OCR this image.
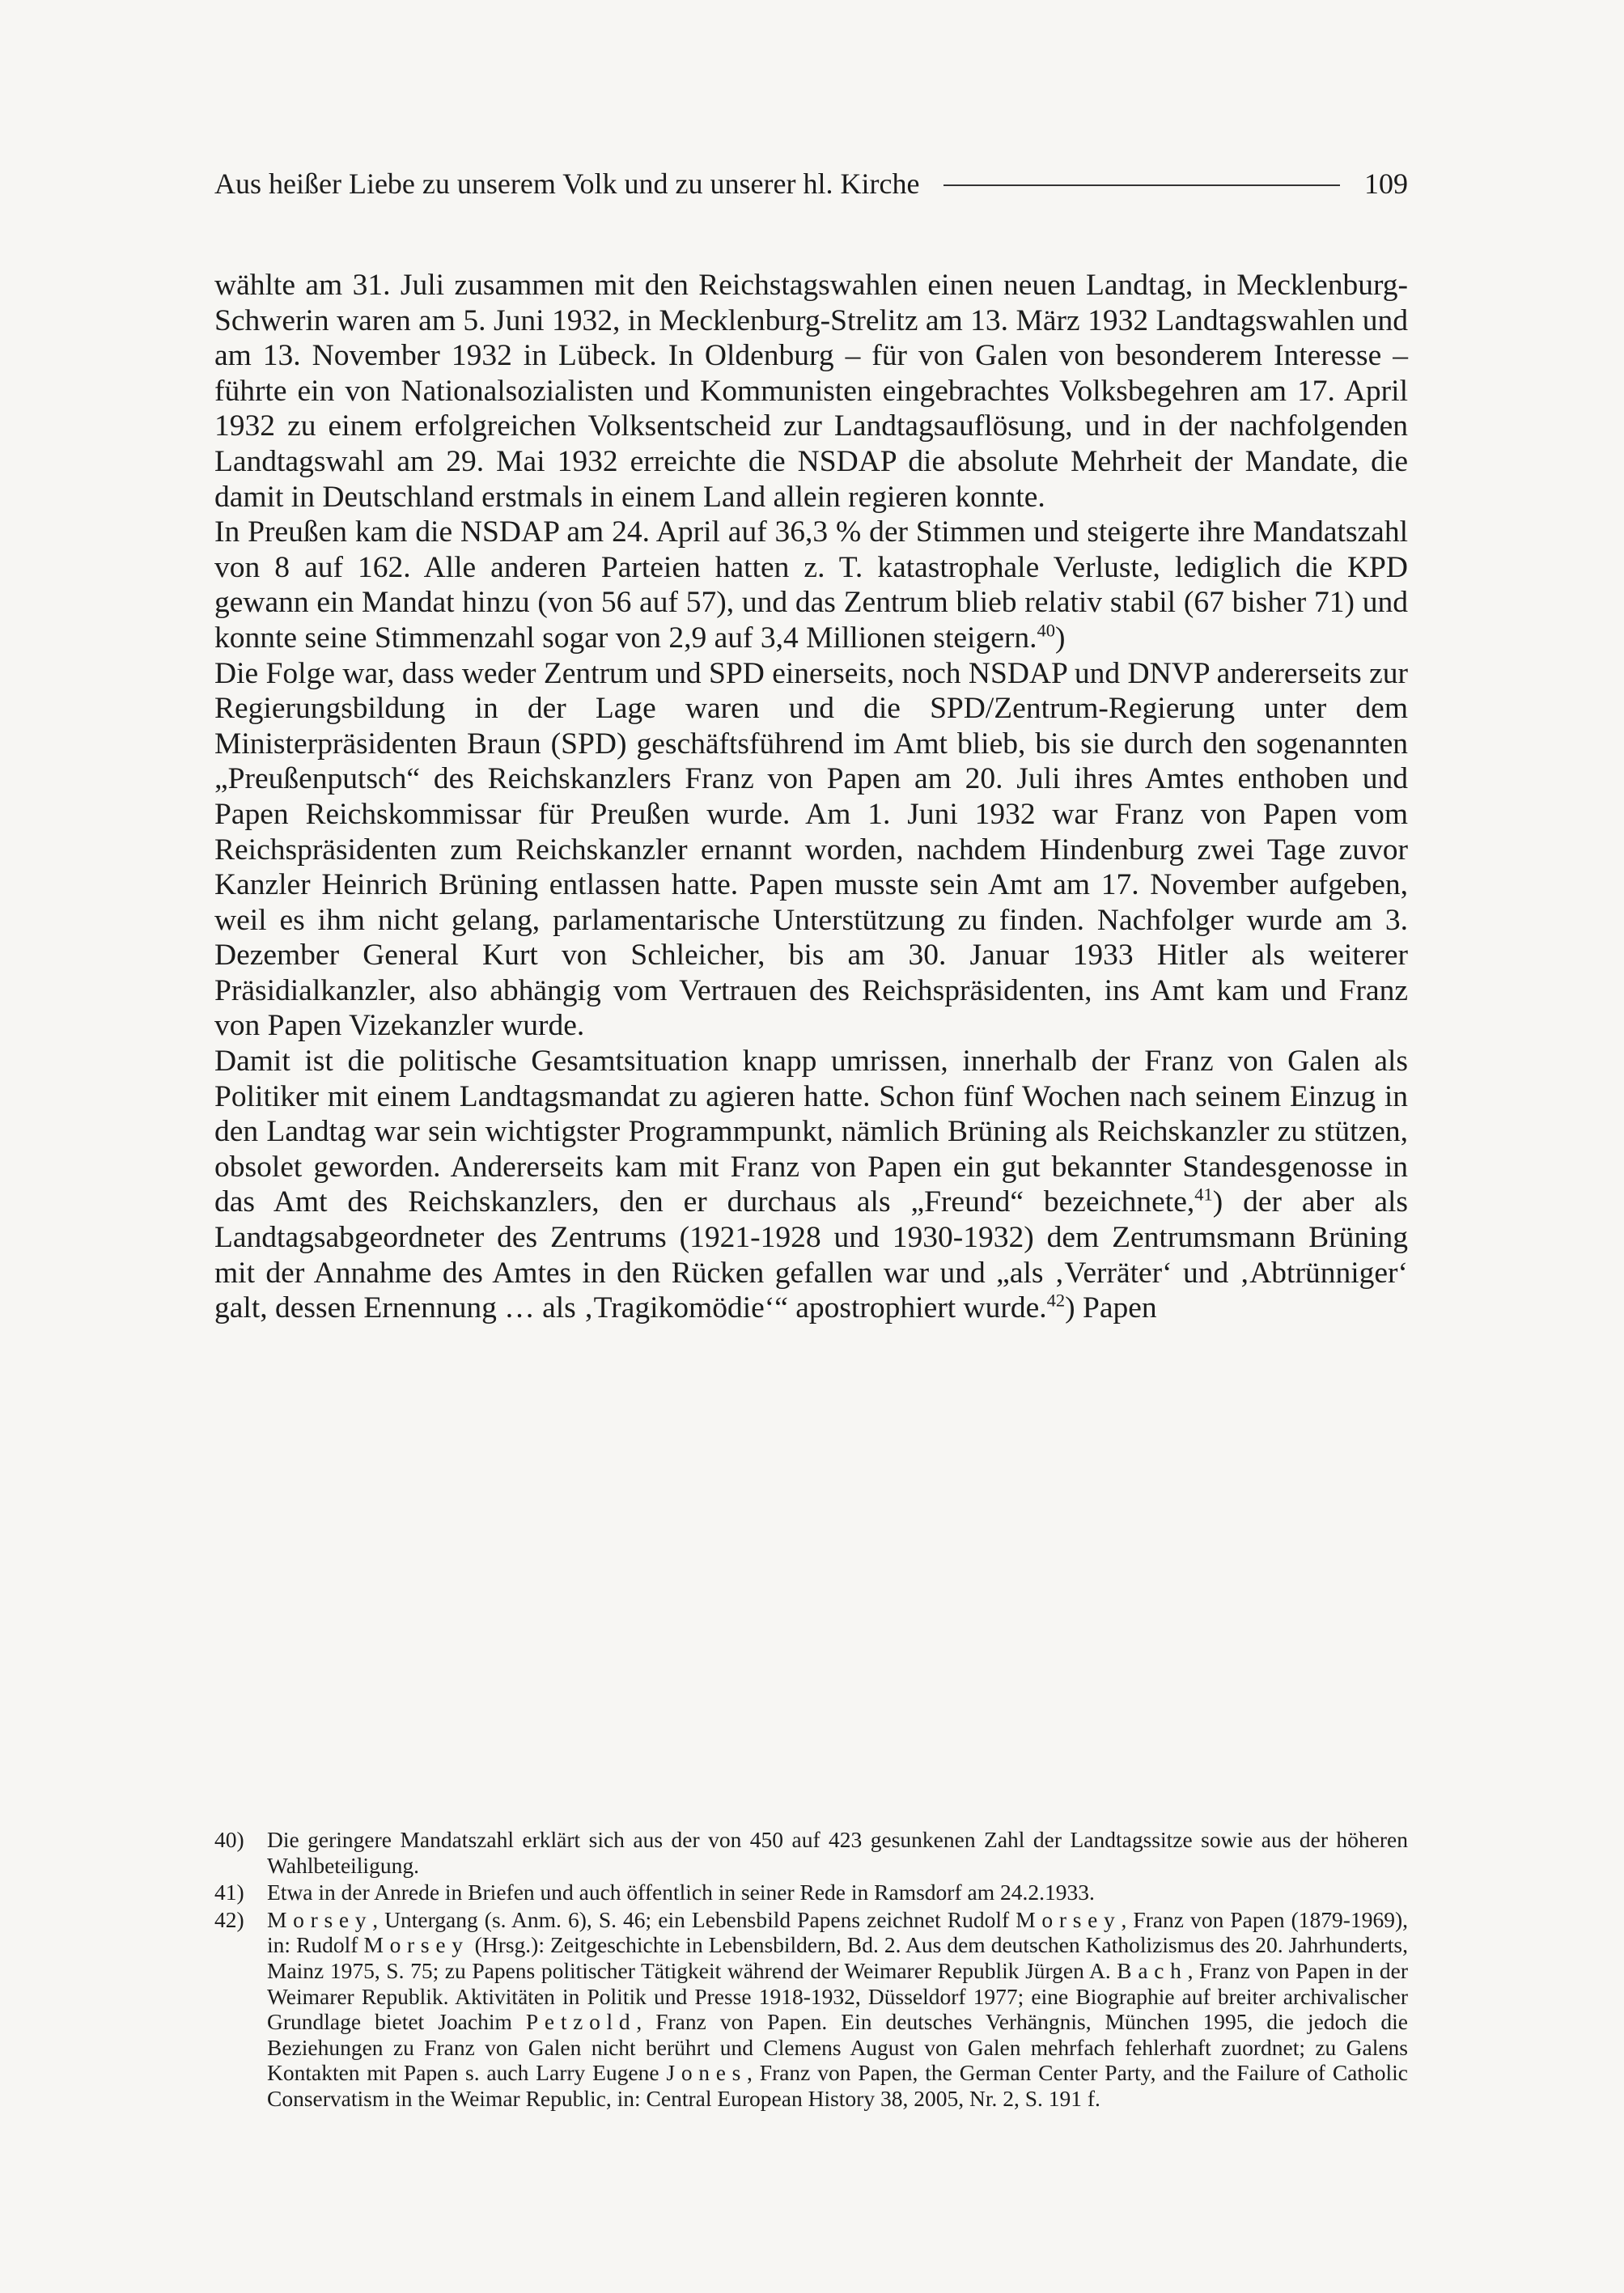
Aus heißer Liebe zu unserem Volk und zu unserer hl. Kirche	109

wählte am 31. Juli zusammen mit den Reichstagswahlen einen neuen Landtag, in Mecklenburg-Schwerin waren am 5. Juni 1932, in Mecklenburg-Strelitz am 13. März 1932 Landtagswahlen und am 13. November 1932 in Lübeck. In Oldenburg – für von Galen von besonderem Interesse – führte ein von Nationalsozialisten und Kommunisten eingebrachtes Volksbegehren am 17. April 1932 zu einem erfolgreichen Volksentscheid zur Landtagsauflösung, und in der nachfolgenden Landtagswahl am 29. Mai 1932 erreichte die NSDAP die absolute Mehrheit der Mandate, die damit in Deutschland erstmals in einem Land allein regieren konnte.

In Preußen kam die NSDAP am 24. April auf 36,3 % der Stimmen und steigerte ihre Mandatszahl von 8 auf 162. Alle anderen Parteien hatten z. T. katastrophale Verluste, lediglich die KPD gewann ein Mandat hinzu (von 56 auf 57), und das Zentrum blieb relativ stabil (67 bisher 71) und konnte seine Stimmenzahl sogar von 2,9 auf 3,4 Millionen steigern.$^{40}$)

Die Folge war, dass weder Zentrum und SPD einerseits, noch NSDAP und DNVP andererseits zur Regierungsbildung in der Lage waren und die SPD/Zentrum-Regierung unter dem Ministerpräsidenten Braun (SPD) geschäftsführend im Amt blieb, bis sie durch den sogenannten „Preußenputsch“ des Reichskanzlers Franz von Papen am 20. Juli ihres Amtes enthoben und Papen Reichskommissar für Preußen wurde. Am 1. Juni 1932 war Franz von Papen vom Reichspräsidenten zum Reichskanzler ernannt worden, nachdem Hindenburg zwei Tage zuvor Kanzler Heinrich Brüning entlassen hatte. Papen musste sein Amt am 17. November aufgeben, weil es ihm nicht gelang, parlamentarische Unterstützung zu finden. Nachfolger wurde am 3. Dezember General Kurt von Schleicher, bis am 30. Januar 1933 Hitler als weiterer Präsidialkanzler, also abhängig vom Vertrauen des Reichspräsidenten, ins Amt kam und Franz von Papen Vizekanzler wurde.

Damit ist die politische Gesamtsituation knapp umrissen, innerhalb der Franz von Galen als Politiker mit einem Landtagsmandat zu agieren hatte. Schon fünf Wochen nach seinem Einzug in den Landtag war sein wichtigster Programmpunkt, nämlich Brüning als Reichskanzler zu stützen, obsolet geworden. Andererseits kam mit Franz von Papen ein gut bekannter Standesgenosse in das Amt des Reichskanzlers, den er durchaus als „Freund“ bezeichnete,$^{41}$) der aber als Landtagsabgeordneter des Zentrums (1921-1928 und 1930-1932) dem Zentrumsmann Brüning mit der Annahme des Amtes in den Rücken gefallen war und „als ‚Verräter‘ und ‚Abtrünniger‘ galt, dessen Ernennung … als ‚Tragikomödie‘“ apostrophiert wurde.$^{42}$) Papen

40)	Die geringere Mandatszahl erklärt sich aus der von 450 auf 423 gesunkenen Zahl der Landtagssitze sowie aus der höheren Wahlbeteiligung.
41)	Etwa in der Anrede in Briefen und auch öffentlich in seiner Rede in Ramsdorf am 24.2.1933.
42)	Morsey, Untergang (s. Anm. 6), S. 46; ein Lebensbild Papens zeichnet Rudolf Morsey, Franz von Papen (1879-1969), in: Rudolf Morsey (Hrsg.): Zeitgeschichte in Lebensbildern, Bd. 2. Aus dem deutschen Katholizismus des 20. Jahrhunderts, Mainz 1975, S. 75; zu Papens politischer Tätigkeit während der Weimarer Republik Jürgen A. Bach, Franz von Papen in der Weimarer Republik. Aktivitäten in Politik und Presse 1918-1932, Düsseldorf 1977; eine Biographie auf breiter archivalischer Grundlage bietet Joachim Petzold, Franz von Papen. Ein deutsches Verhängnis, München 1995, die jedoch die Beziehungen zu Franz von Galen nicht berührt und Clemens August von Galen mehrfach fehlerhaft zuordnet; zu Galens Kontakten mit Papen s. auch Larry Eugene Jones, Franz von Papen, the German Center Party, and the Failure of Catholic Conservatism in the Weimar Republic, in: Central European History 38, 2005, Nr. 2, S. 191 f.
